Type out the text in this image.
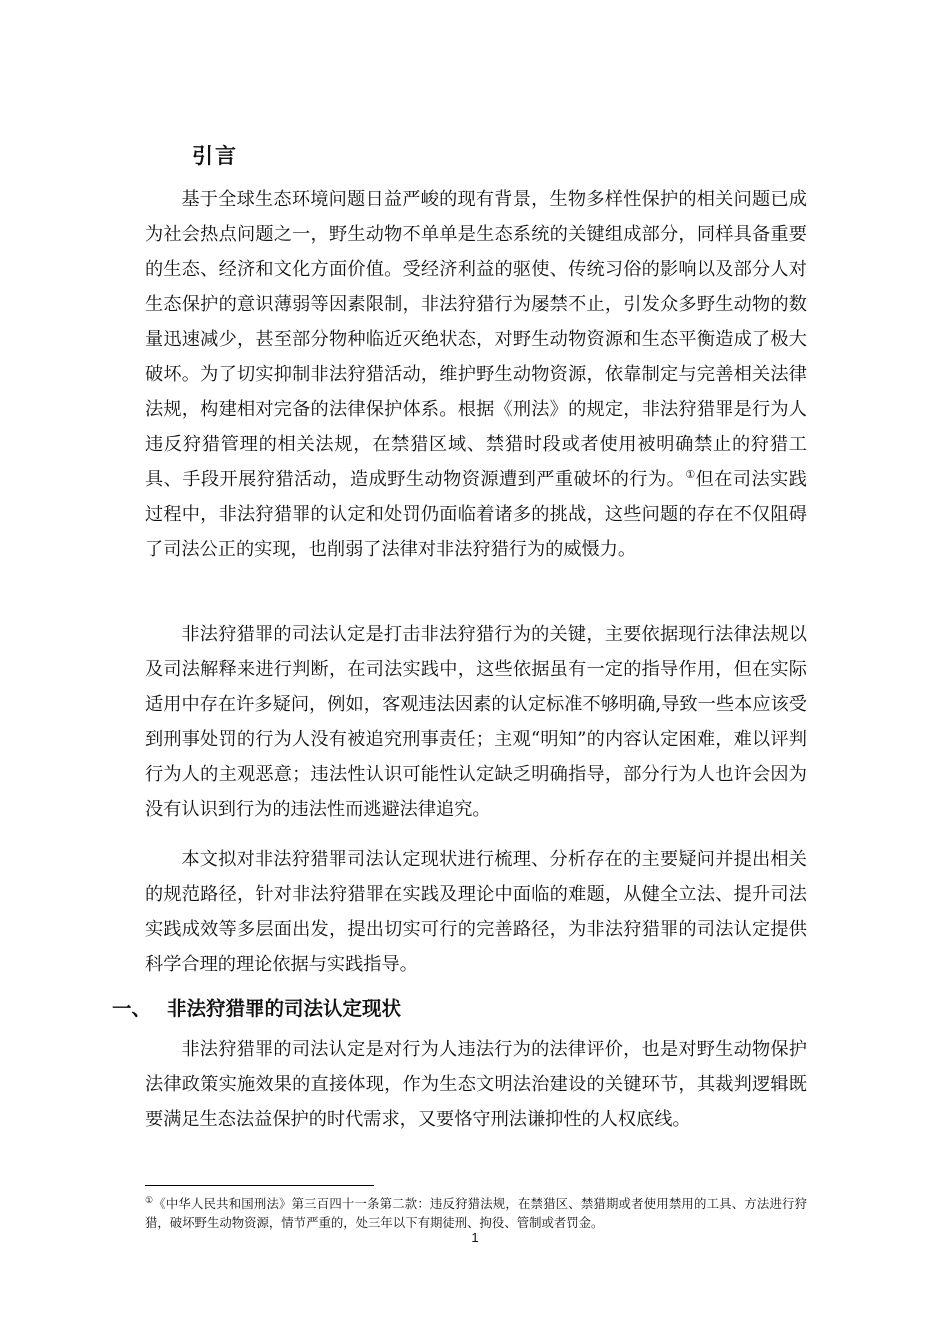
引言

基于全球生态环境问题日益严峻的现有背景，生物多样性保护的相关问题已成为社会热点问题之一，野生动物不单单是生态系统的关键组成部分，同样具备重要的生态、经济和文化方面价值。受经济利益的驱使、传统习俗的影响以及部分人对生态保护的意识薄弱等因素限制，非法狩猎行为屡禁不止，引发众多野生动物的数量迅速减少，甚至部分物种临近灭绝状态，对野生动物资源和生态平衡造成了极大破坏。为了切实抑制非法狩猎活动，维护野生动物资源，依靠制定与完善相关法律法规，构建相对完备的法律保护体系。根据《刑法》的规定，非法狩猎罪是行为人违反狩猎管理的相关法规，在禁猎区域、禁猎时段或者使用被明确禁止的狩猎工具、手段开展狩猎活动，造成野生动物资源遭到严重破坏的行为。①但在司法实践过程中，非法狩猎罪的认定和处罚仍面临着诸多的挑战，这些问题的存在不仅阻碍了司法公正的实现，也削弱了法律对非法狩猎行为的威慑力。

非法狩猎罪的司法认定是打击非法狩猎行为的关键，主要依据现行法律法规以及司法解释来进行判断，在司法实践中，这些依据虽有一定的指导作用，但在实际适用中存在许多疑问，例如，客观违法因素的认定标准不够明确,导致一些本应该受到刑事处罚的行为人没有被追究刑事责任；主观“明知”的内容认定困难，难以评判行为人的主观恶意；违法性认识可能性认定缺乏明确指导，部分行为人也许会因为没有认识到行为的违法性而逃避法律追究。

本文拟对非法狩猎罪司法认定现状进行梳理、分析存在的主要疑问并提出相关的规范路径，针对非法狩猎罪在实践及理论中面临的难题，从健全立法、提升司法实践成效等多层面出发，提出切实可行的完善路径，为非法狩猎罪的司法认定提供科学合理的理论依据与实践指导。

一、 非法狩猎罪的司法认定现状

非法狩猎罪的司法认定是对行为人违法行为的法律评价，也是对野生动物保护法律政策实施效果的直接体现，作为生态文明法治建设的关键环节，其裁判逻辑既要满足生态法益保护的时代需求，又要恪守刑法谦抑性的人权底线。

①《中华人民共和国刑法》第三百四十一条第二款：违反狩猎法规，在禁猎区、禁猎期或者使用禁用的工具、方法进行狩猎，破坏野生动物资源，情节严重的，处三年以下有期徒刑、拘役、管制或者罚金。

1
